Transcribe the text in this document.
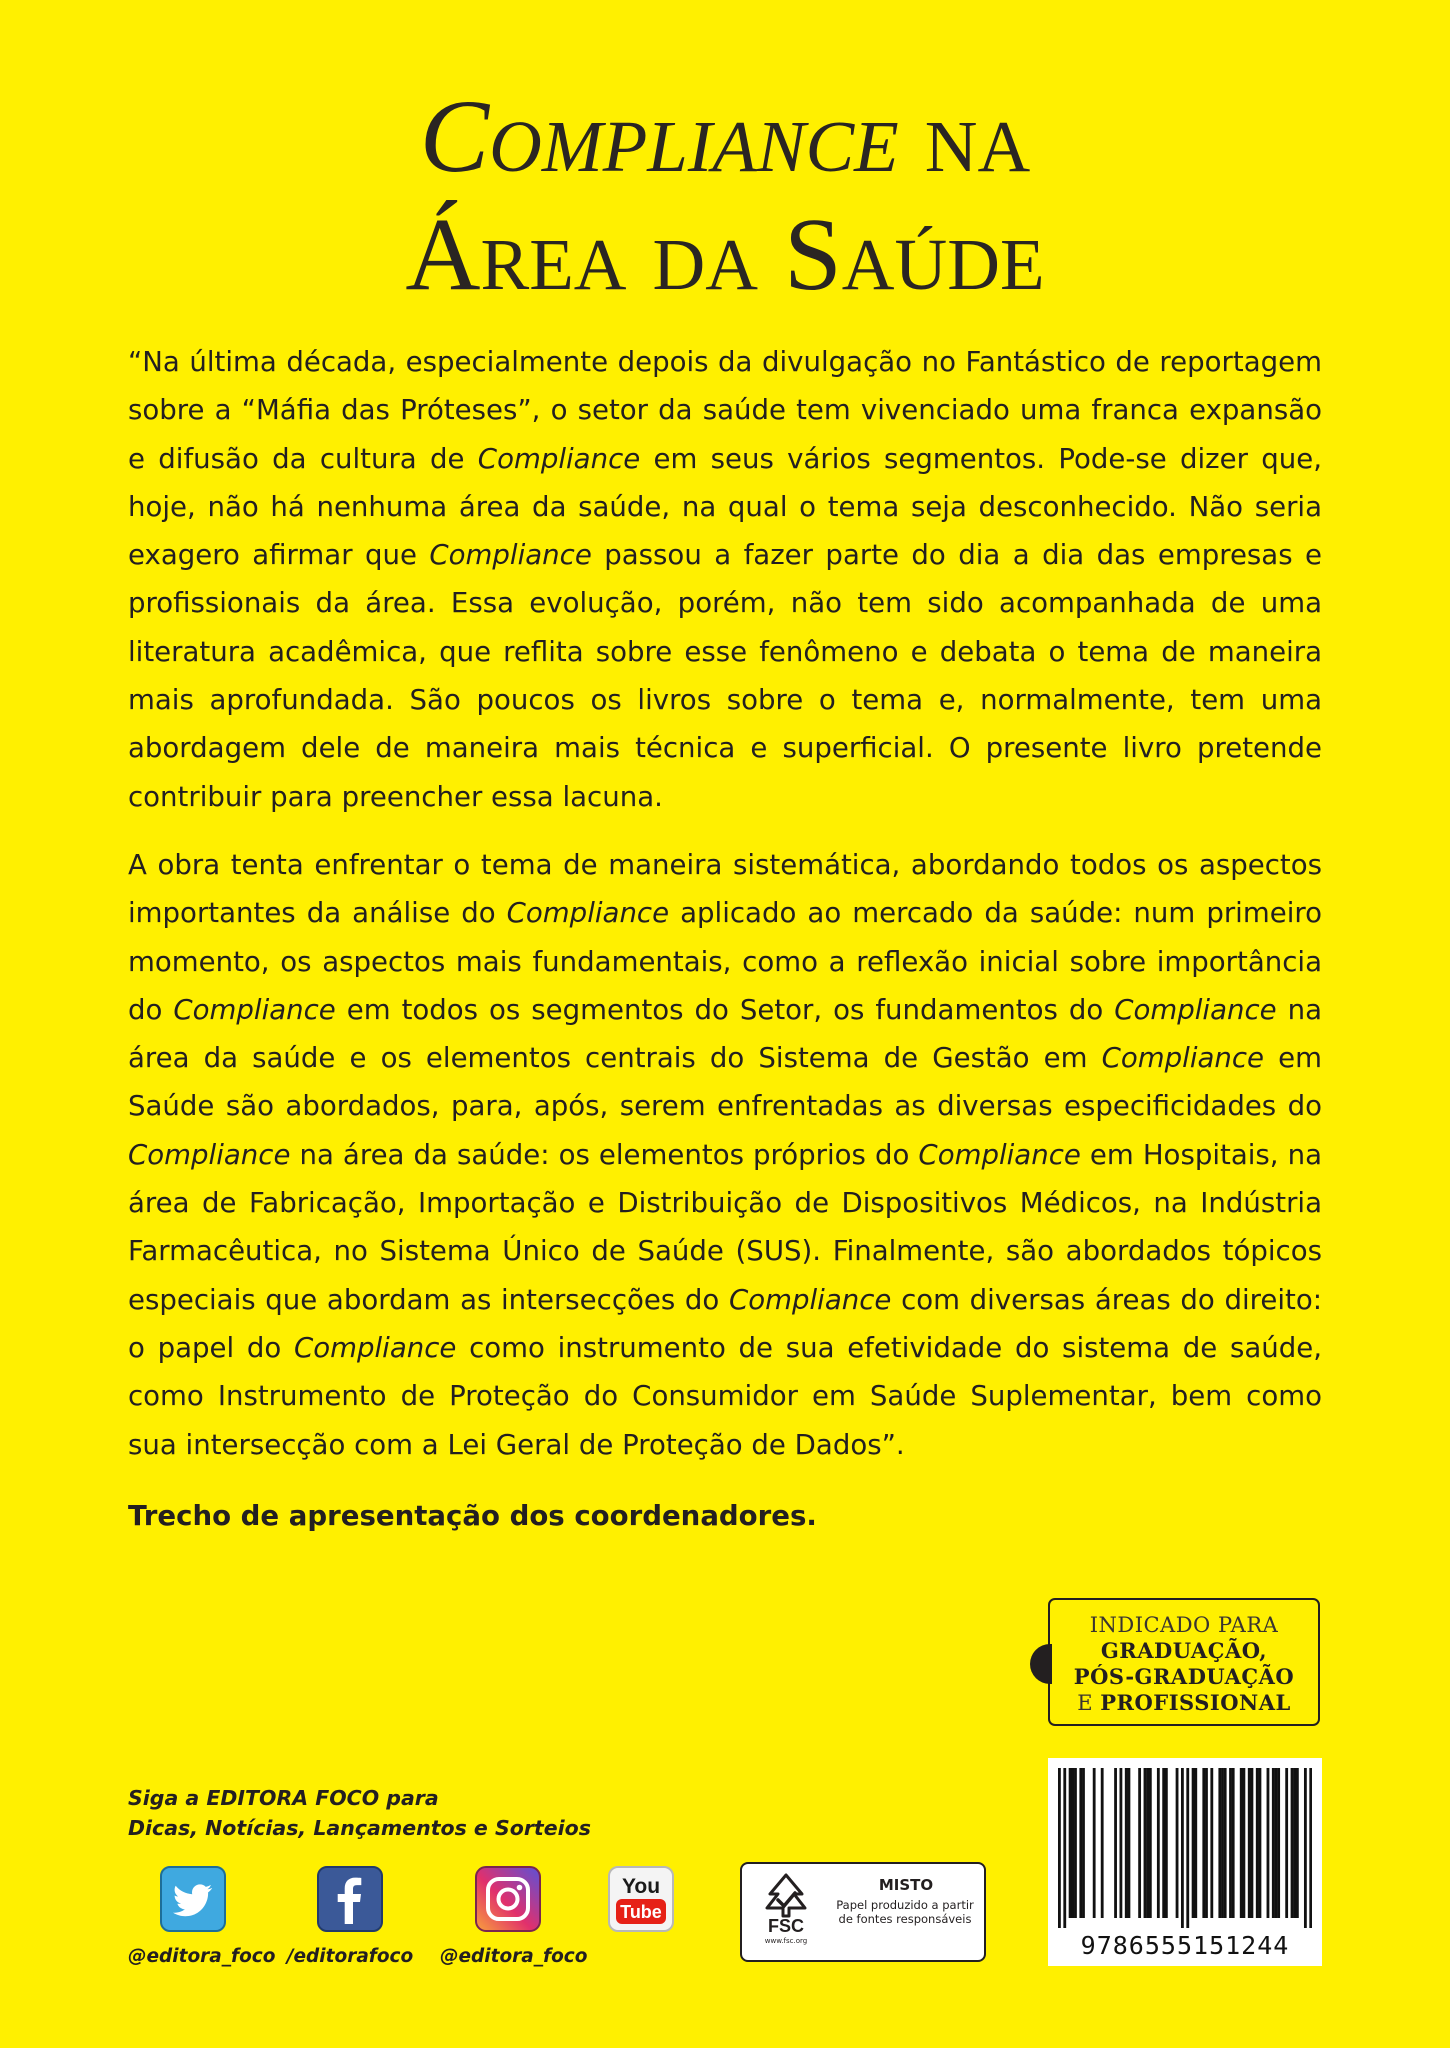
Compliance na
Área da Saúde

“Na última década, especialmente depois da divulgação no Fantástico de reportagem sobre a “Máfia das Próteses”, o setor da saúde tem vivenciado uma franca expansão e difusão da cultura de Compliance em seus vários segmentos. Pode-se dizer que, hoje, não há nenhuma área da saúde, na qual o tema seja desconhecido. Não seria exagero afirmar que Compliance passou a fazer parte do dia a dia das empresas e profissionais da área. Essa evolução, porém, não tem sido acompanhada de uma literatura acadêmica, que reflita sobre esse fenômeno e debata o tema de maneira mais aprofundada. São poucos os livros sobre o tema e, normalmente, tem uma abordagem dele de maneira mais técnica e superficial. O presente livro pretende contribuir para preencher essa lacuna.

A obra tenta enfrentar o tema de maneira sistemática, abordando todos os aspectos importantes da análise do Compliance aplicado ao mercado da saúde: num primeiro momento, os aspectos mais fundamentais, como a reflexão inicial sobre importância do Compliance em todos os segmentos do Setor, os fundamentos do Compliance na área da saúde e os elementos centrais do Sistema de Gestão em Compliance em Saúde são abordados, para, após, serem enfrentadas as diversas especificidades do Compliance na área da saúde: os elementos próprios do Compliance em Hospitais, na área de Fabricação, Importação e Distribuição de Dispositivos Médicos, na Indústria Farmacêutica, no Sistema Único de Saúde (SUS). Finalmente, são abordados tópicos especiais que abordam as intersecções do Compliance com diversas áreas do direito: o papel do Compliance como instrumento de sua efetividade do sistema de saúde, como Instrumento de Proteção do Consumidor em Saúde Suplementar, bem como sua intersecção com a Lei Geral de Proteção de Dados”.

Trecho de apresentação dos coordenadores.
INDICADO PARA
GRADUAÇÃO,
PÓS-GRADUAÇÃO
E PROFISSIONAL
9786555151244
Siga a EDITORA FOCO para
Dicas, Notícias, Lançamentos e Sorteios
@editora_foco /editorafoco @editora_foco
You
Tube
FSC
www.fsc.org
MISTO
Papel produzido a partir de fontes responsáveis
